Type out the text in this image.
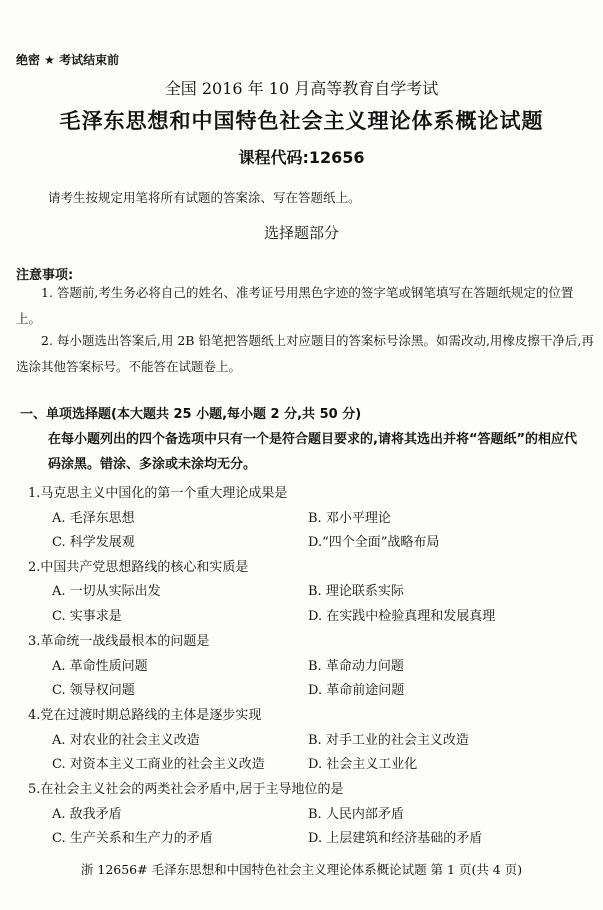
绝密 ★ 考试结束前
全国 2016 年 10 月高等教育自学考试
毛泽东思想和中国特色社会主义理论体系概论试题
课程代码:12656
请考生按规定用笔将所有试题的答案涂、写在答题纸上。
选择题部分
注意事项:
1. 答题前,考生务必将自己的姓名、准考证号用黑色字迹的签字笔或钢笔填写在答题纸规定的位置上。
2. 每小题选出答案后,用 2B 铅笔把答题纸上对应题目的答案标号涂黑。如需改动,用橡皮擦干净后,再选涂其他答案标号。不能答在试题卷上。
一、单项选择题(本大题共 25 小题,每小题 2 分,共 50 分)
在每小题列出的四个备选项中只有一个是符合题目要求的,请将其选出并将“答题纸”的相应代码涂黑。错涂、多涂或未涂均无分。
1.马克思主义中国化的第一个重大理论成果是
A. 毛泽东思想	B. 邓小平理论
C. 科学发展观	D.“四个全面”战略布局
2.中国共产党思想路线的核心和实质是
A. 一切从实际出发	B. 理论联系实际
C. 实事求是	D. 在实践中检验真理和发展真理
3.革命统一战线最根本的问题是
A. 革命性质问题	B. 革命动力问题
C. 领导权问题	D. 革命前途问题
4.党在过渡时期总路线的主体是逐步实现
A. 对农业的社会主义改造	B. 对手工业的社会主义改造
C. 对资本主义工商业的社会主义改造	D. 社会主义工业化
5.在社会主义社会的两类社会矛盾中,居于主导地位的是
A. 敌我矛盾	B. 人民内部矛盾
C. 生产关系和生产力的矛盾	D. 上层建筑和经济基础的矛盾
浙 12656# 毛泽东思想和中国特色社会主义理论体系概论试题 第 1 页(共 4 页)
